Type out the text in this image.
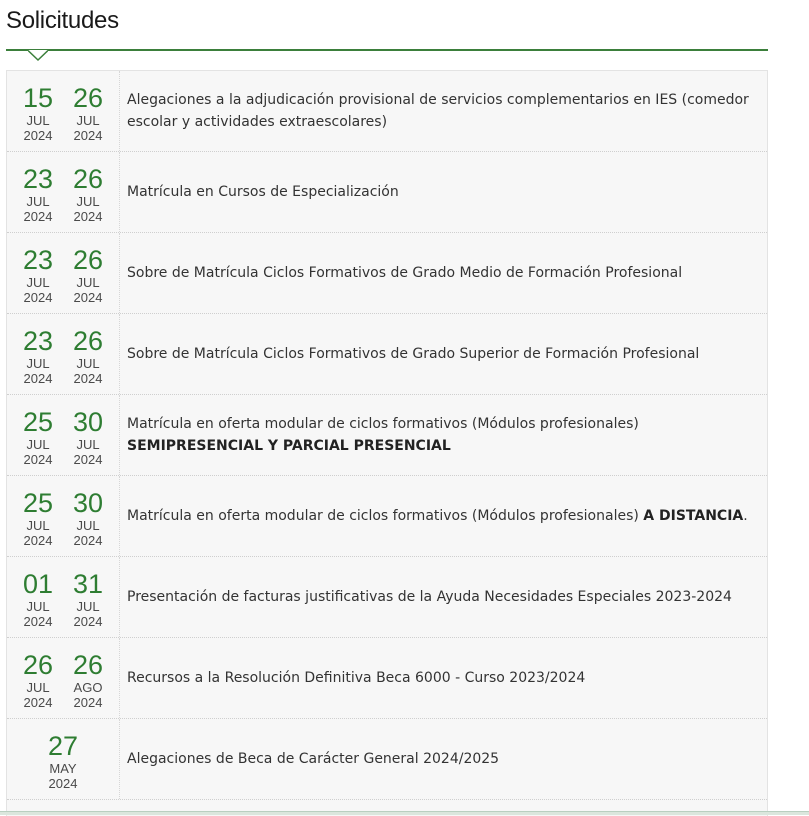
Solicitudes
15
JUL
2024
26
JUL
2024
Alegaciones a la adjudicación provisional de servicios complementarios en IES (comedor escolar y actividades extraescolares)
23
JUL
2024
26
JUL
2024
Matrícula en Cursos de Especialización
23
JUL
2024
26
JUL
2024
Sobre de Matrícula Ciclos Formativos de Grado Medio de Formación Profesional
23
JUL
2024
26
JUL
2024
Sobre de Matrícula Ciclos Formativos de Grado Superior de Formación Profesional
25
JUL
2024
30
JUL
2024
Matrícula en oferta modular de ciclos formativos (Módulos profesionales)
SEMIPRESENCIAL Y PARCIAL PRESENCIAL
25
JUL
2024
30
JUL
2024
Matrícula en oferta modular de ciclos formativos (Módulos profesionales) A DISTANCIA.
01
JUL
2024
31
JUL
2024
Presentación de facturas justificativas de la Ayuda Necesidades Especiales 2023-2024
26
JUL
2024
26
AGO
2024
Recursos a la Resolución Definitiva Beca 6000 - Curso 2023/2024
27
MAY
2024
Alegaciones de Beca de Carácter General 2024/2025
